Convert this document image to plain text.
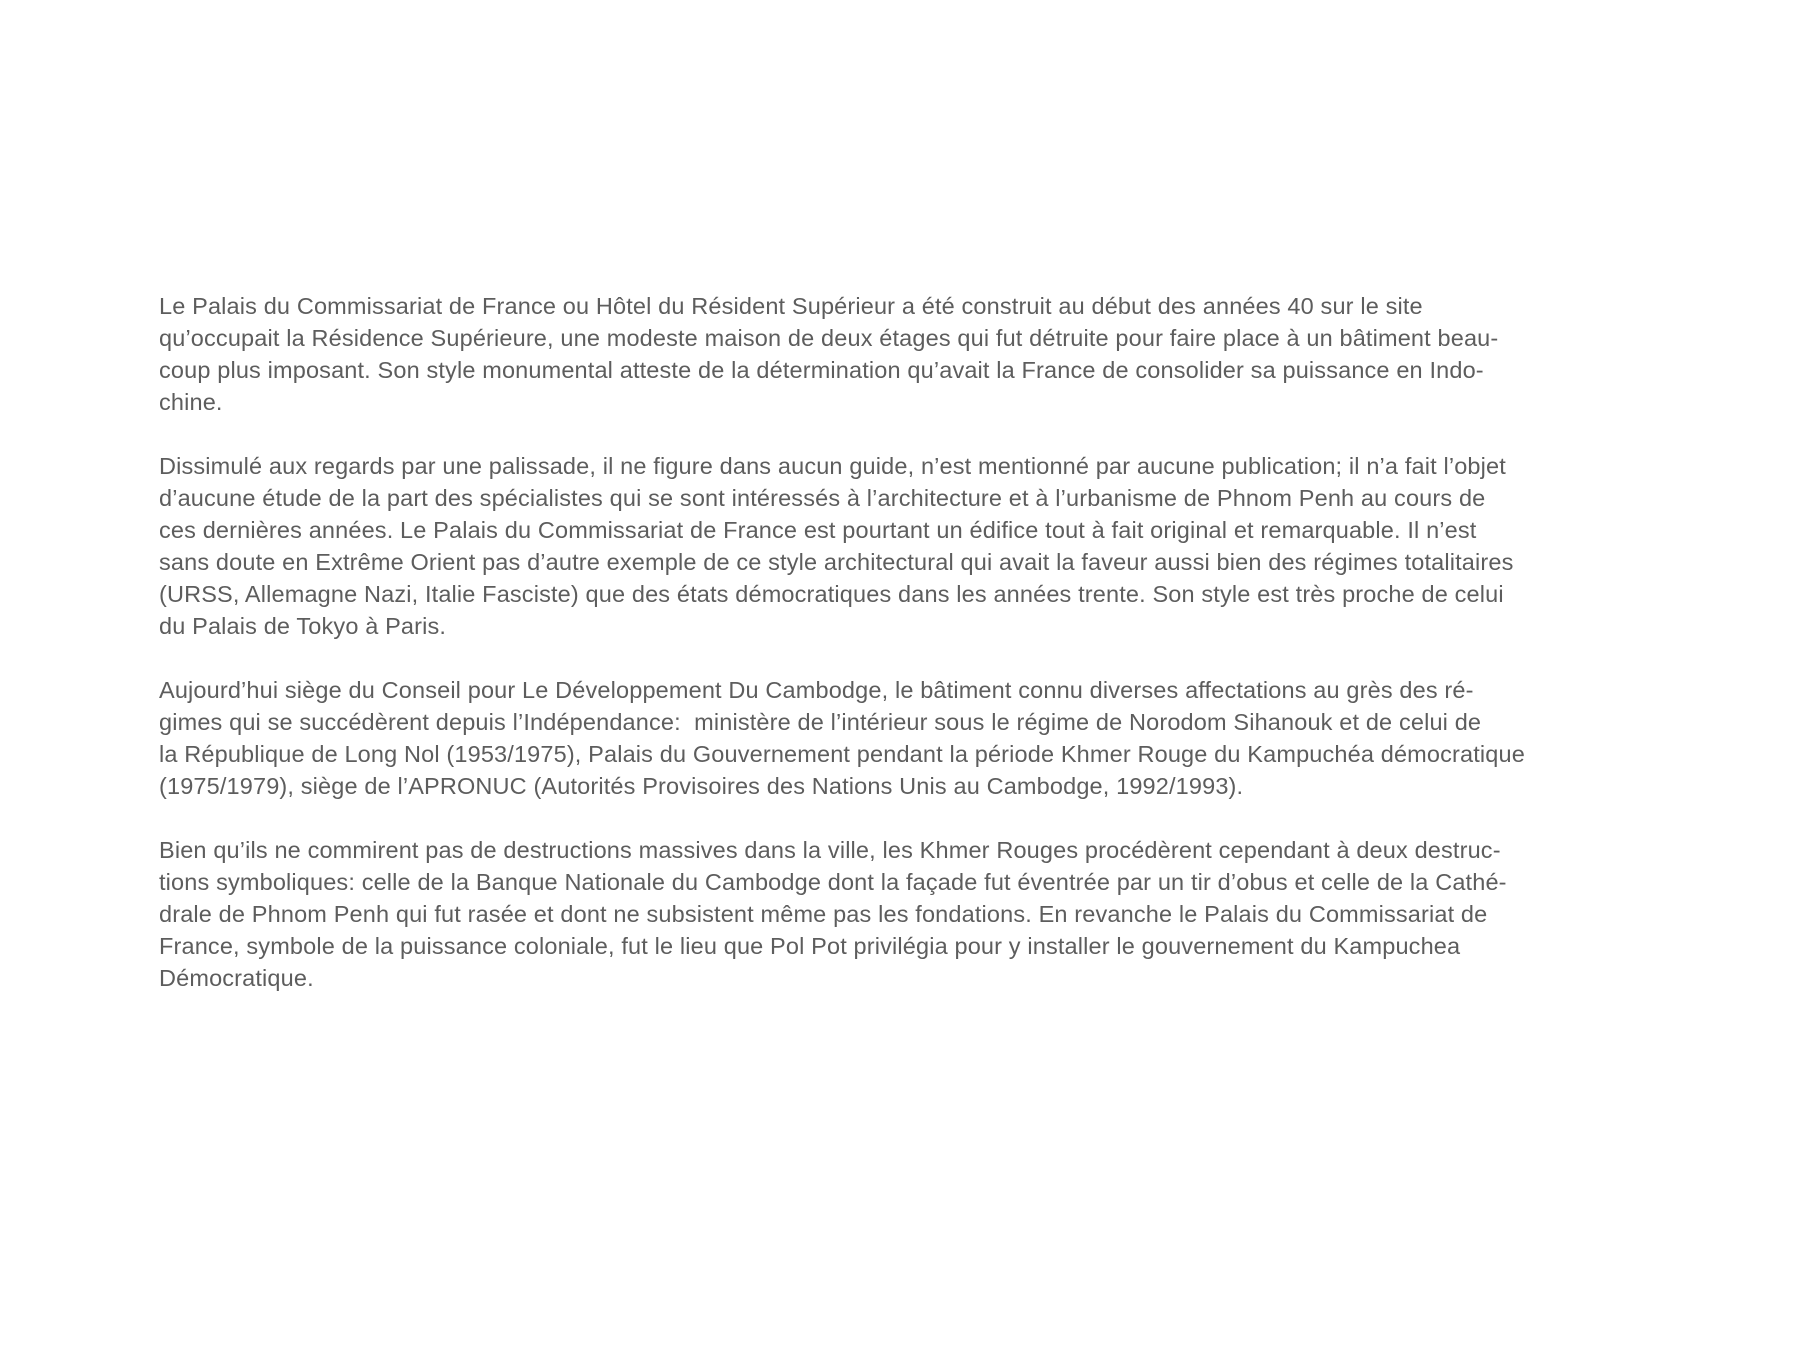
Le Palais du Commissariat de France ou Hôtel du Résident Supérieur a été construit au début des années 40 sur le site
qu’occupait la Résidence Supérieure, une modeste maison de deux étages qui fut détruite pour faire place à un bâtiment beau-
coup plus imposant. Son style monumental atteste de la détermination qu’avait la France de consolider sa puissance en Indo-
chine.

Dissimulé aux regards par une palissade, il ne figure dans aucun guide, n’est mentionné par aucune publication; il n’a fait l’objet
d’aucune étude de la part des spécialistes qui se sont intéressés à l’architecture et à l’urbanisme de Phnom Penh au cours de
ces dernières années. Le Palais du Commissariat de France est pourtant un édifice tout à fait original et remarquable. Il n’est
sans doute en Extrême Orient pas d’autre exemple de ce style architectural qui avait la faveur aussi bien des régimes totalitaires
(URSS, Allemagne Nazi, Italie Fasciste) que des états démocratiques dans les années trente. Son style est très proche de celui
du Palais de Tokyo à Paris.

Aujourd’hui siège du Conseil pour Le Développement Du Cambodge, le bâtiment connu diverses affectations au grès des ré-
gimes qui se succédèrent depuis l’Indépendance:  ministère de l’intérieur sous le régime de Norodom Sihanouk et de celui de
la République de Long Nol (1953/1975), Palais du Gouvernement pendant la période Khmer Rouge du Kampuchéa démocratique
(1975/1979), siège de l’APRONUC (Autorités Provisoires des Nations Unis au Cambodge, 1992/1993).

Bien qu’ils ne commirent pas de destructions massives dans la ville, les Khmer Rouges procédèrent cependant à deux destruc-
tions symboliques: celle de la Banque Nationale du Cambodge dont la façade fut éventrée par un tir d’obus et celle de la Cathé-
drale de Phnom Penh qui fut rasée et dont ne subsistent même pas les fondations. En revanche le Palais du Commissariat de
France, symbole de la puissance coloniale, fut le lieu que Pol Pot privilégia pour y installer le gouvernement du Kampuchea
Démocratique.
